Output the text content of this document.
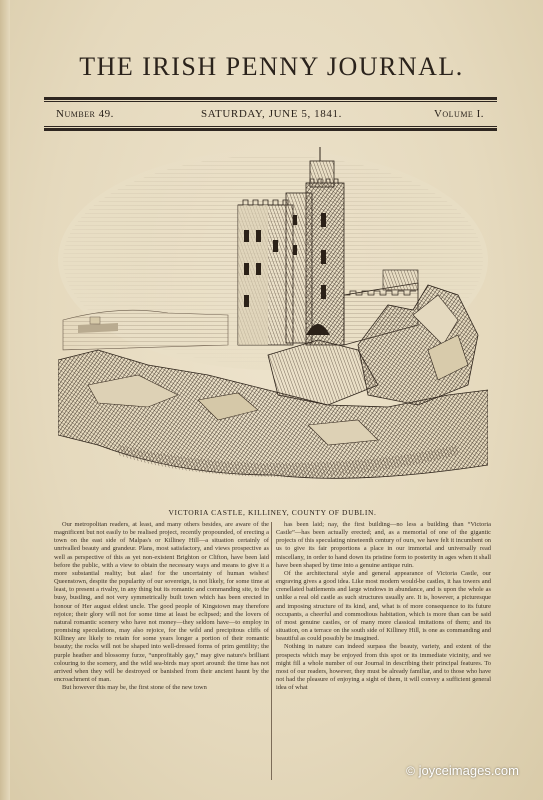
THE IRISH PENNY JOURNAL.
Number 49.	SATURDAY, JUNE 5, 1841.	Volume I.
VICTORIA CASTLE, KILLINEY, COUNTY OF DUBLIN.

Our metropolitan readers, at least, and many others besides, are aware of the magnificent but not easily to be realised project, recently propounded, of erecting a town on the east side of Malpas's or Killiney Hill—a situation certainly of unrivalled beauty and grandeur. Plans, most satisfactory, and views prospective as well as perspective of this as yet non-existent Brighton or Clifton, have been laid before the public, with a view to obtain the necessary ways and means to give it a more substantial reality; but alas! for the uncertainty of human wishes! Queenstown, despite the popularity of our sovereign, is not likely, for some time at least, to present a rivalry, in any thing but its romantic and commanding site, to the busy, bustling, and not very symmetrically built town which has been erected in honour of Her august eldest uncle. The good people of Kingstown may therefore rejoice; their glory will not for some time at least be eclipsed; and the lovers of natural romantic scenery who have not money—they seldom have—to employ in promising speculations, may also rejoice, for the wild and precipitous cliffs of Killiney are likely to retain for some years longer a portion of their romantic beauty; the rocks will not be shaped into well-dressed forms of prim gentility; the purple heather and blossomy furze, “unprofitably gay,” may give nature's brilliant colouring to the scenery, and the wild sea-birds may sport around: the time has not arrived when they will be destroyed or banished from their ancient haunt by the encroachment of man.

But however this may be, the first stone of the new town

has been laid; nay, the first building—no less a building than “Victoria Castle”—has been actually erected; and, as a memorial of one of the gigantic projects of this speculating nineteenth century of ours, we have felt it incumbent on us to give its fair proportions a place in our immortal and universally read miscellany, in order to hand down its pristine form to posterity in ages when it shall have been shaped by time into a genuine antique ruin.

Of the architectural style and general appearance of Victoria Castle, our engraving gives a good idea. Like most modern would-be castles, it has towers and crenellated battlements and large windows in abundance, and is upon the whole as unlike a real old castle as such structures usually are. It is, however, a picturesque and imposing structure of its kind, and, what is of more consequence to its future occupants, a cheerful and commodious habitation, which is more than can be said of most genuine castles, or of many more classical imitations of them; and its situation, on a terrace on the south side of Killiney Hill, is one as commanding and beautiful as could possibly be imagined.

Nothing in nature can indeed surpass the beauty, variety, and extent of the prospects which may be enjoyed from this spot or its immediate vicinity, and we might fill a whole number of our Journal in describing their principal features. To most of our readers, however, they must be already familiar, and to those who have not had the pleasure of enjoying a sight of them, it will convey a sufficient general idea of what

© joyceimages.com
